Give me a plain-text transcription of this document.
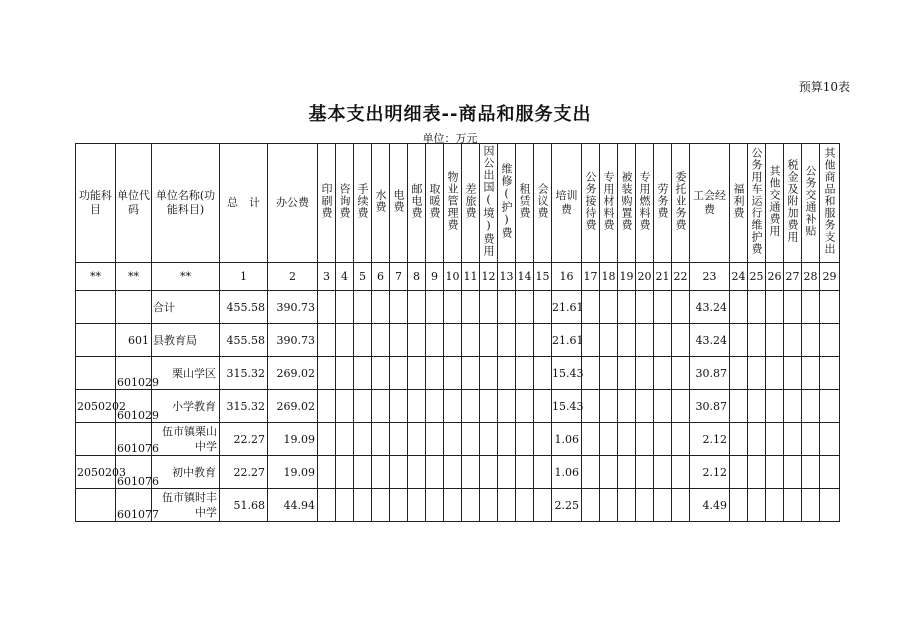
预算10表
基本支出明细表--商品和服务支出
单位：万元
功能科目	单位代码	单位名称(功能科目)	总　计	办公费	印刷费	咨询费	手续费	水费	电费	邮电费	取暖费	物业管理费	差旅费	因公出国(境)费用	维修(护)费	租赁费	会议费	培训费	公务接待费	专用材料费	被装购置费	专用燃料费	劳务费	委托业务费	工会经费	福利费	公务用车运行维护费	其他交通费用	税金及附加费用	公务交通补贴	其他商品和服务支出
**	**	**	1	2	3	4	5	6	7	8	9	10	11	12	13	14	15	16	17	18	19	20	21	22	23	24	25	26	27	28	29
		合计	455.58	390.73														21.61							43.24						
	601	县教育局	455.58	390.73														21.61							43.24						
	601029	栗山学区	315.32	269.02														15.43							30.87						
2050202	601029	小学教育	315.32	269.02														15.43							30.87						
	601076	伍市镇栗山中学	22.27	19.09														1.06							2.12						
2050203	601076	初中教育	22.27	19.09														1.06							2.12						
	601077	伍市镇时丰中学	51.68	44.94														2.25							4.49						
